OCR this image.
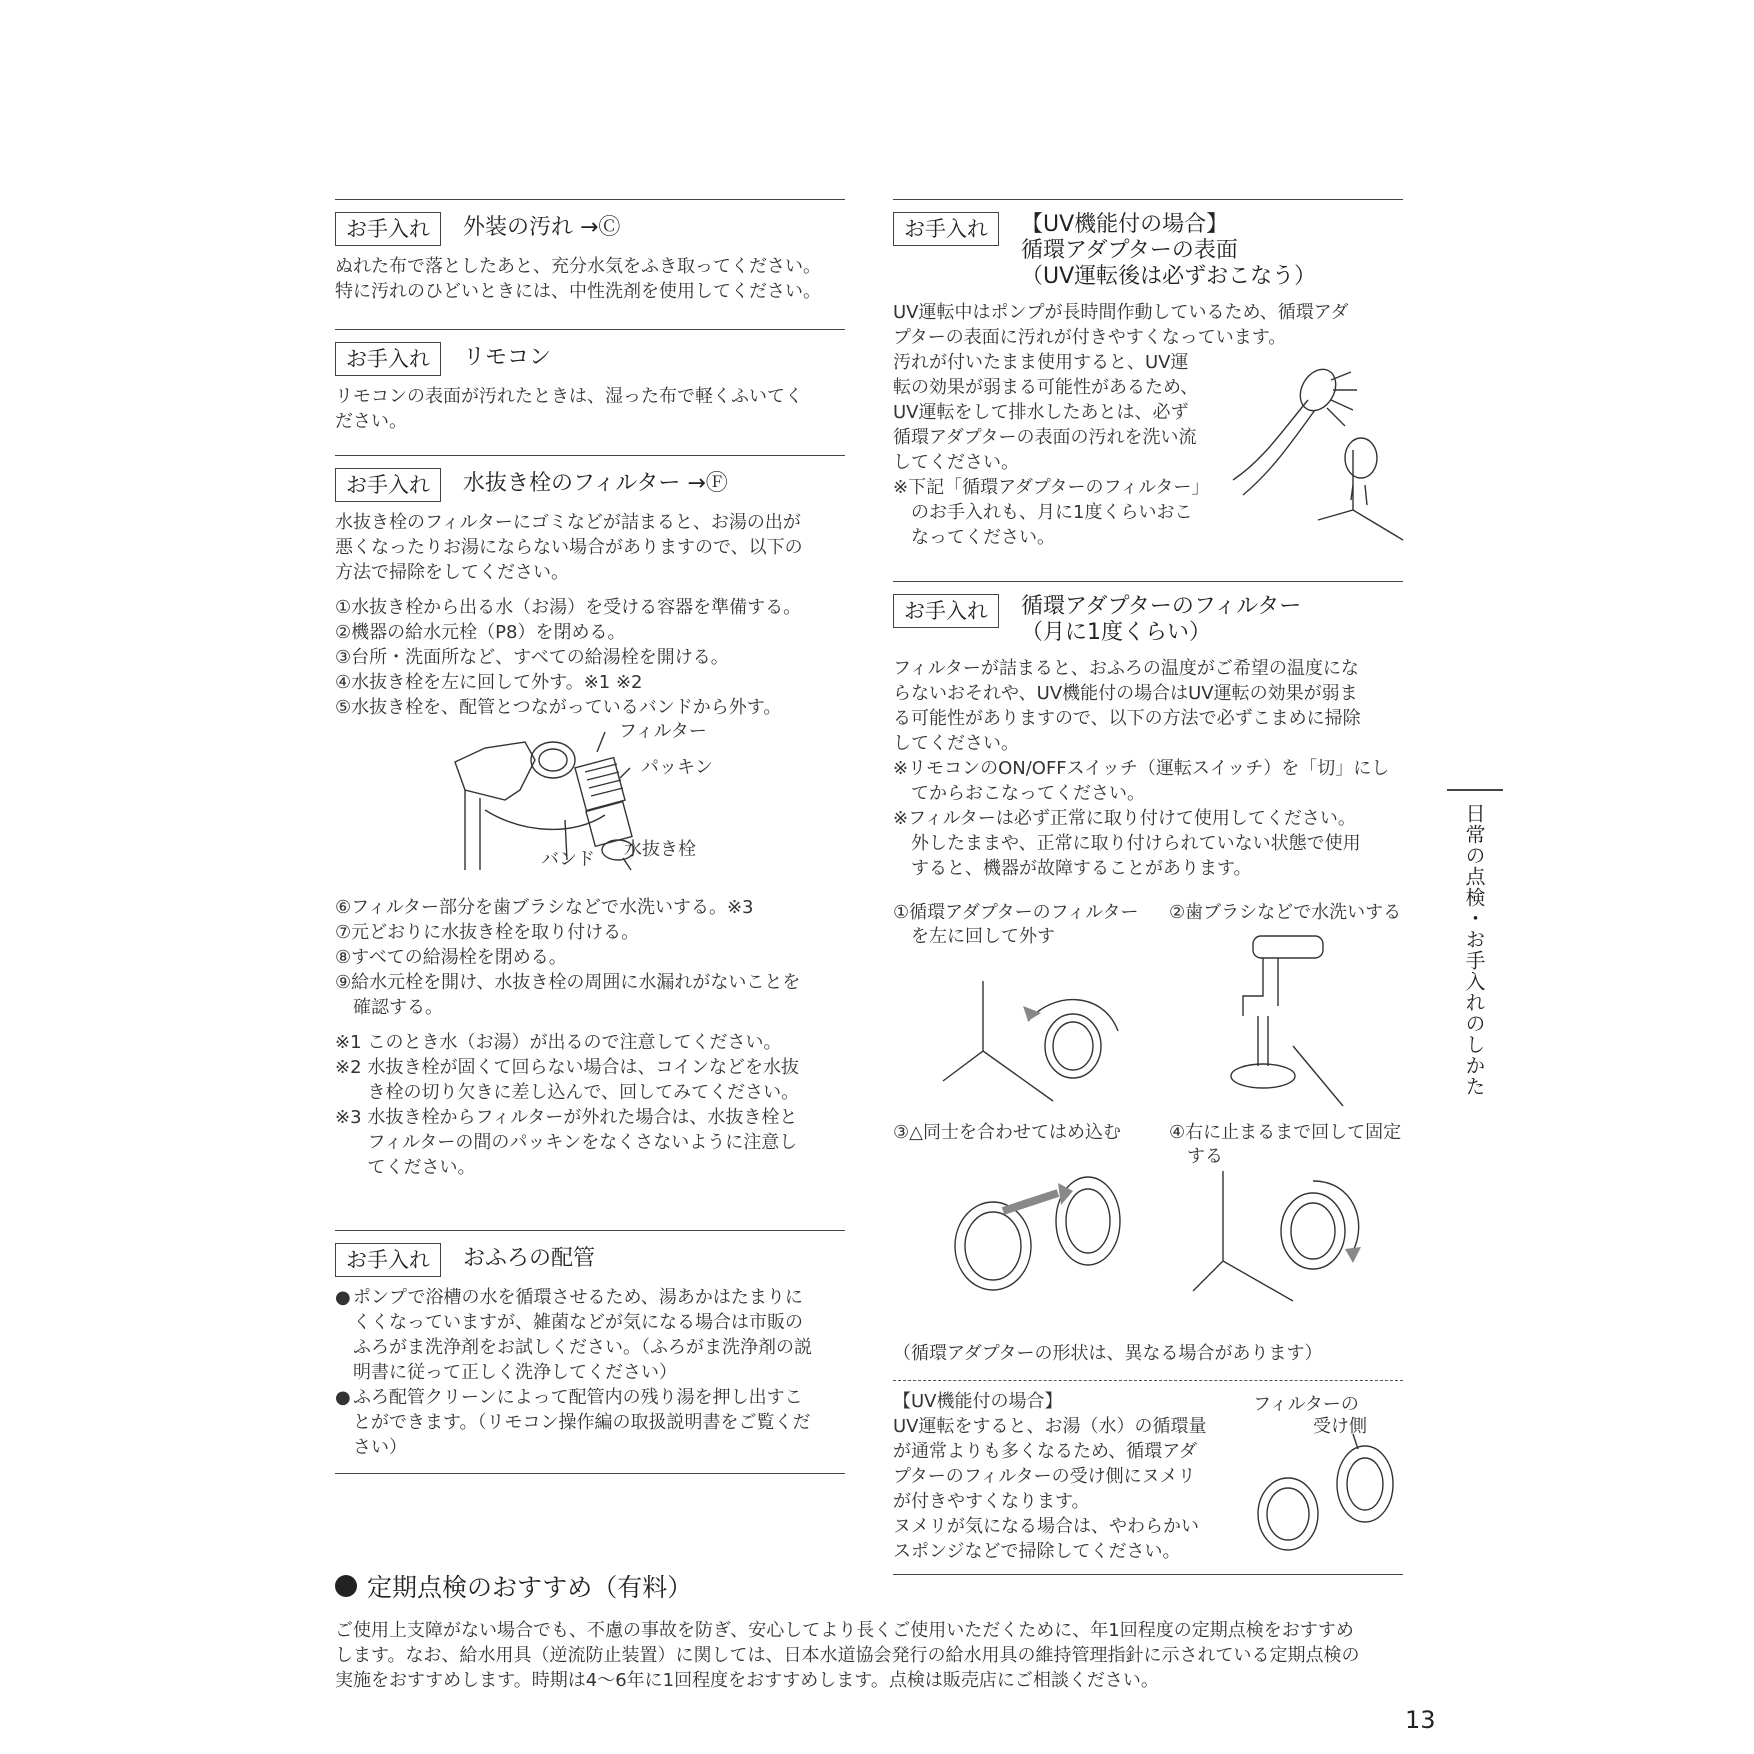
お手入れ	外装の汚れ →Ⓒ

ぬれた布で落としたあと、充分水気をふき取ってください。

特に汚れのひどいときには、中性洗剤を使用してください。

お手入れ	リモコン

リモコンの表面が汚れたときは、湿った布で軽くふいてく

ださい。

お手入れ	水抜き栓のフィルター →Ⓕ

水抜き栓のフィルターにゴミなどが詰まると、お湯の出が

悪くなったりお湯にならない場合がありますので、以下の

方法で掃除をしてください。

①水抜き栓から出る水（お湯）を受ける容器を準備する。

②機器の給水元栓（P8）を閉める。

③台所・洗面所など、すべての給湯栓を開ける。

④水抜き栓を左に回して外す。※1 ※2

⑤水抜き栓を、配管とつながっているバンドから外す。

フィルター
パッキン
バンド 水抜き栓

⑥フィルター部分を歯ブラシなどで水洗いする。※3

⑦元どおりに水抜き栓を取り付ける。

⑧すべての給湯栓を閉める。

⑨給水元栓を開け、水抜き栓の周囲に水漏れがないことを

確認する。

※1 このとき水（お湯）が出るので注意してください。
※2 水抜き栓が固くて回らない場合は、コインなどを水抜

き栓の切り欠きに差し込んで、回してみてください。

※3 水抜き栓からフィルターが外れた場合は、水抜き栓と

フィルターの間のパッキンをなくさないように注意し

てください。

お手入れ	おふろの配管
● ポンプで浴槽の水を循環させるため、湯あかはたまりに

くくなっていますが、雑菌などが気になる場合は市販の

ふろがま洗浄剤をお試しください。（ふろがま洗浄剤の説

明書に従って正しく洗浄してください）

● ふろ配管クリーンによって配管内の残り湯を押し出すこ

とができます。（リモコン操作編の取扱説明書をご覧くだ

さい）

お手入れ	【UV機能付の場合】
循環アダプターの表面
（UV運転後は必ずおこなう）

UV運転中はポンプが長時間作動しているため、循環アダ

プターの表面に汚れが付きやすくなっています。

汚れが付いたまま使用すると、UV運

転の効果が弱まる可能性があるため、

UV運転をして排水したあとは、必ず

循環アダプターの表面の汚れを洗い流

してください。

※下記「循環アダプターのフィルター」

のお手入れも、月に1度くらいおこ

なってください。

お手入れ	循環アダプターのフィルター
（月に1度くらい）

フィルターが詰まると、おふろの温度がご希望の温度にな

らないおそれや、UV機能付の場合はUV運転の効果が弱ま

る可能性がありますので、以下の方法で必ずこまめに掃除

してください。

※リモコンのON/OFFスイッチ（運転スイッチ）を「切」にし

てからおこなってください。

※フィルターは必ず正常に取り付けて使用してください。

外したままや、正常に取り付けられていない状態で使用

すると、機器が故障することがあります。

①循環アダプターのフィルター
を左に回して外す
②歯ブラシなどで水洗いする
③△同士を合わせてはめ込む	④右に止まるまで回して固定
する

（循環アダプターの形状は、異なる場合があります）

【UV機能付の場合】

UV運転をすると、お湯（水）の循環量

が通常よりも多くなるため、循環アダ

プターのフィルターの受け側にヌメリ

が付きやすくなります。

ヌメリが気になる場合は、やわらかい

スポンジなどで掃除してください。

フィルターの
受け側
日常の点検・お手入れのしかた
定期点検のおすすめ（有料）

ご使用上支障がない場合でも、不慮の事故を防ぎ、安心してより長くご使用いただくために、年1回程度の定期点検をおすすめ

します。なお、給水用具（逆流防止装置）に関しては、日本水道協会発行の給水用具の維持管理指針に示されている定期点検の

実施をおすすめします。時期は4～6年に1回程度をおすすめします。点検は販売店にご相談ください。

13
